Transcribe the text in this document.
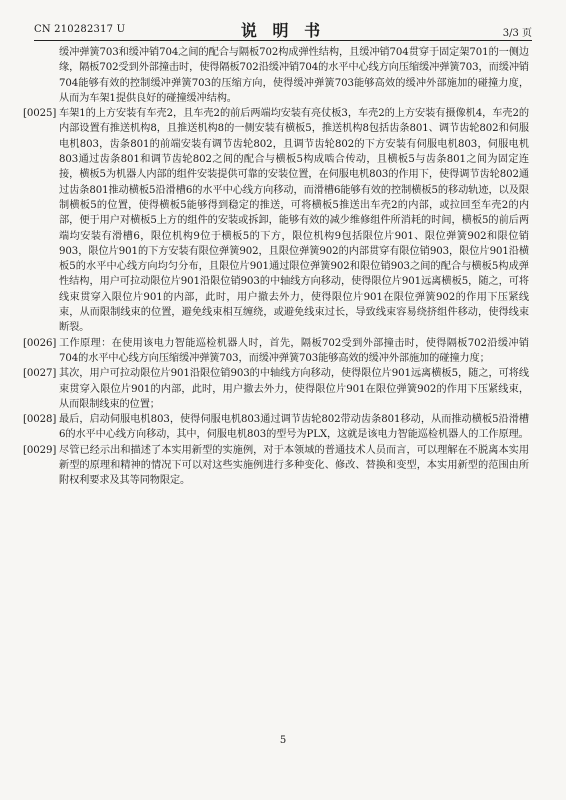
CN 210282317 U	说 明 书	3/3 页

缓冲弹簧703和缓冲销704之间的配合与隔板702构成弹性结构，且缓冲销704贯穿于固定架701的一侧边缘，隔板702受到外部撞击时，使得隔板702沿缓冲销704的水平中心线方向压缩缓冲弹簧703，而缓冲销704能够有效的控制缓冲弹簧703的压缩方向，使得缓冲弹簧703能够高效的缓冲外部施加的碰撞力度，从而为车架1提供良好的碰撞缓冲结构。

[0025] 车架1的上方安装有车壳2，且车壳2的前后两端均安装有亮仗板3，车壳2的上方安装有摄像机4，车壳2的内部设置有推送机构8，且推送机构8的一侧安装有横板5，推送机构8包括齿条801、调节齿轮802和伺服电机803，齿条801的前端安装有调节齿轮802，且调节齿轮802的下方安装有伺服电机803，伺服电机803通过齿条801和调节齿轮802之间的配合与横板5构成啮合传动，且横板5与齿条801之间为固定连接，横板5为机器人内部的组件安装提供可靠的安装位置，在伺服电机803的作用下，使得调节齿轮802通过齿条801推动横板5沿滑槽6的水平中心线方向移动，而滑槽6能够有效的控制横板5的移动轨迹，以及限制横板5的位置，使得横板5能够得到稳定的推送，可将横板5推送出车壳2的内部，或拉回至车壳2的内部，便于用户对横板5上方的组件的安装或拆卸，能够有效的减少维修组件所消耗的时间，横板5的前后两端均安装有滑槽6，限位机构9位于横板5的下方，限位机构9包括限位片901、限位弹簧902和限位销903，限位片901的下方安装有限位弹簧902，且限位弹簧902的内部贯穿有限位销903，限位片901沿横板5的水平中心线方向均匀分布，且限位片901通过限位弹簧902和限位销903之间的配合与横板5构成弹性结构，用户可拉动限位片901沿限位销903的中轴线方向移动，使得限位片901远离横板5，随之，可将线束贯穿入限位片901的内部，此时，用户撤去外力，使得限位片901在限位弹簧902的作用下压紧线束，从而限制线束的位置，避免线束相互缠绕，或避免线束过长，导致线束容易绕挤组件移动，使得线束断裂。

[0026] 工作原理：在使用该电力智能巡检机器人时，首先，隔板702受到外部撞击时，使得隔板702沿缓冲销704的水平中心线方向压缩缓冲弹簧703，而缓冲弹簧703能够高效的缓冲外部施加的碰撞力度；

[0027] 其次，用户可拉动限位片901沿限位销903的中轴线方向移动，使得限位片901远离横板5，随之，可将线束贯穿入限位片901的内部，此时，用户撤去外力，使得限位片901在限位弹簧902的作用下压紧线束，从而限制线束的位置；

[0028] 最后，启动伺服电机803，使得伺服电机803通过调节齿轮802带动齿条801移动，从而推动横板5沿滑槽6的水平中心线方向移动，其中，伺服电机803的型号为PLX，这就是该电力智能巡检机器人的工作原理。

[0029] 尽管已经示出和描述了本实用新型的实施例，对于本领域的普通技术人员而言，可以理解在不脱离本实用新型的原理和精神的情况下可以对这些实施例进行多种变化、修改、替换和变型，本实用新型的范围由所附权利要求及其等同物限定。

5
